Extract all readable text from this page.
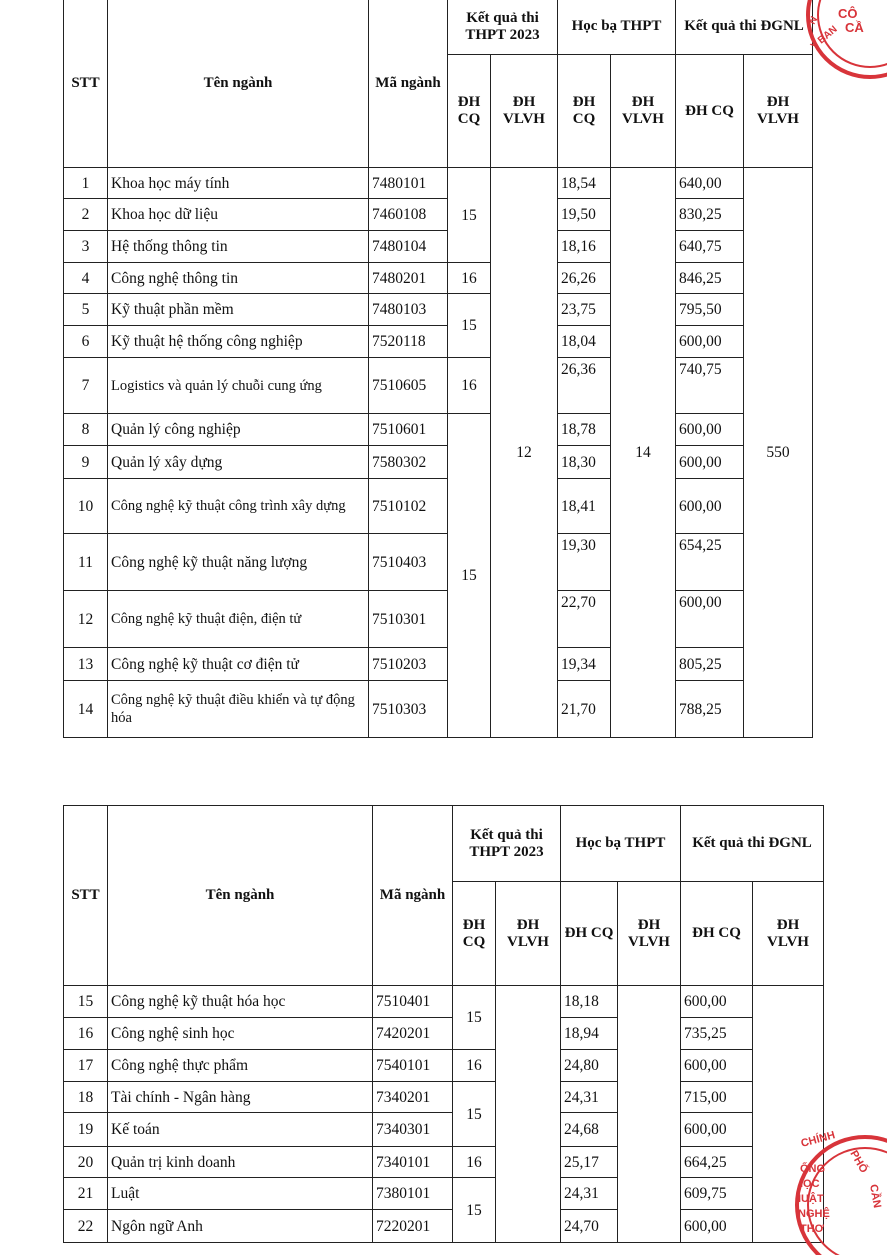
STT	Tên ngành	Mã ngành	Kết quả thi THPT 2023		Học bạ THPT		Kết quả thi ĐGNL	
			ĐH CQ	ĐH VLVH	ĐH CQ	ĐH VLVH	ĐH CQ	ĐH VLVH
1	Khoa học máy tính	7480101	15	12	18,54	14	640,00	550
2	Khoa học dữ liệu	7460108			19,50		830,25	
3	Hệ thống thông tin	7480104			18,16		640,75	
4	Công nghệ thông tin	7480201	16		26,26		846,25	
5	Kỹ thuật phần mềm	7480103	15		23,75		795,50	
6	Kỹ thuật hệ thống công nghiệp	7520118			18,04		600,00	
7	Logistics và quản lý chuỗi cung ứng	7510605	16		26,36		740,75	
8	Quản lý công nghiệp	7510601	15		18,78		600,00	
9	Quản lý xây dựng	7580302			18,30		600,00	
10	Công nghệ kỹ thuật công trình xây dựng	7510102			18,41		600,00	
11	Công nghệ kỹ thuật năng lượng	7510403			19,30		654,25	
12	Công nghệ kỹ thuật điện, điện tử	7510301			22,70		600,00	
13	Công nghệ kỹ thuật cơ điện tử	7510203			19,34		805,25	
14	Công nghệ kỹ thuật điều khiển và tự động hóa	7510303			21,70		788,25	
STT	Tên ngành	Mã ngành	Kết quả thi THPT 2023		Học bạ THPT		Kết quả thi ĐGNL	
			ĐH CQ	ĐH VLVH	ĐH CQ	ĐH VLVH	ĐH CQ	ĐH VLVH
15	Công nghệ kỹ thuật hóa học	7510401	15		18,18		600,00	
16	Công nghệ sinh học	7420201			18,94		735,25	
17	Công nghệ thực phẩm	7540101	16		24,80		600,00	
18	Tài chính - Ngân hàng	7340201	15		24,31		715,00	
19	Kế toán	7340301			24,68		600,00	
20	Quản trị kinh doanh	7340101	16		25,17		664,25	
21	Luật	7380101	15		24,31		609,75	
22	Ngôn ngữ Anh	7220201			24,70		600,00	
CÔ
CẦ
N
Y BAN
CHÍNH
ỐNG
IỌC
IUẬT
NGHỆ
THƠ
PHỐ
CẦN
